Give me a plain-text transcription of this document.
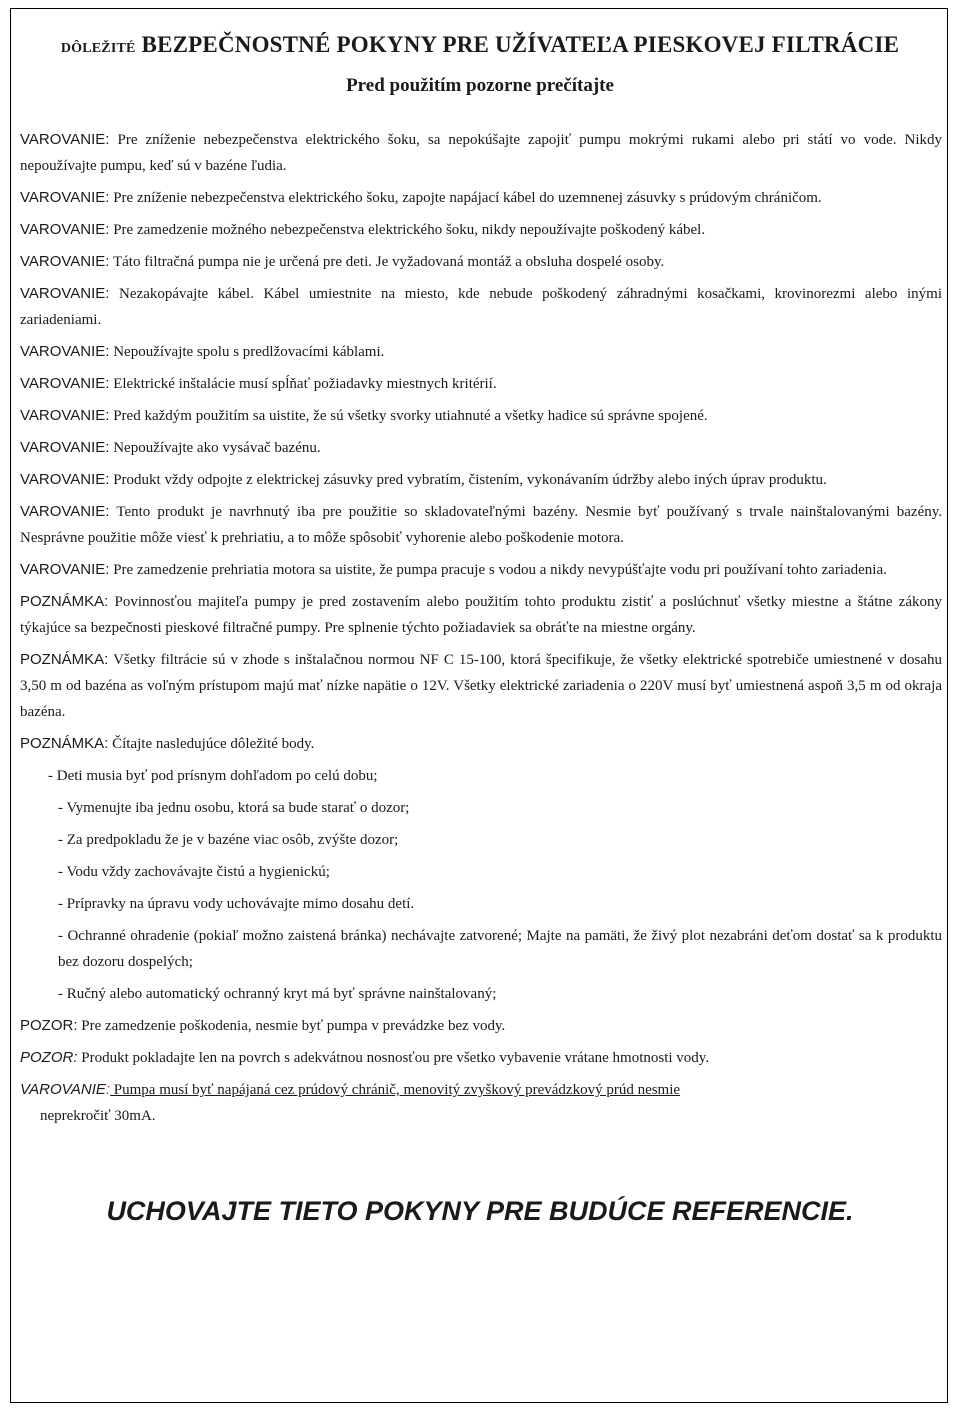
DÔLEŽITÉ BEZPEČNOSTNÉ POKYNY PRE UŽÍVATEĽA PIESKOVEJ FILTRÁCIE
Pred použitím pozorne prečítajte

VAROVANIE: Pre zníženie nebezpečenstva elektrického šoku, sa nepokúšajte zapojiť pumpu mokrými rukami alebo pri státí vo vode. Nikdy nepoužívajte pumpu, keď sú v bazéne ľudia.

VAROVANIE: Pre zníženie nebezpečenstva elektrického šoku, zapojte napájací kábel do uzemnenej zásuvky s prúdovým chráničom.

VAROVANIE: Pre zamedzenie možného nebezpečenstva elektrického šoku, nikdy nepoužívajte poškodený kábel.

VAROVANIE: Táto filtračná pumpa nie je určená pre deti. Je vyžadovaná montáž a obsluha dospelé osoby.

VAROVANIE: Nezakopávajte kábel. Kábel umiestnite na miesto, kde nebude poškodený záhradnými kosačkami, krovinorezmi alebo inými zariadeniami.

VAROVANIE: Nepoužívajte spolu s predlžovacími káblami.

VAROVANIE: Elektrické inštalácie musí spĺňať požiadavky miestnych kritérií.

VAROVANIE: Pred každým použitím sa uistite, že sú všetky svorky utiahnuté a všetky hadice sú správne spojené.

VAROVANIE: Nepoužívajte ako vysávač bazénu.

VAROVANIE: Produkt vždy odpojte z elektrickej zásuvky pred vybratím, čistením, vykonávaním údržby alebo iných úprav produktu.

VAROVANIE: Tento produkt je navrhnutý iba pre použitie so skladovateľnými bazény. Nesmie byť používaný s trvale nainštalovanými bazény. Nesprávne použitie môže viesť k prehriatiu, a to môže spôsobiť vyhorenie alebo poškodenie motora.

VAROVANIE: Pre zamedzenie prehriatia motora sa uistite, že pumpa pracuje s vodou a nikdy nevypúšťajte vodu pri používaní tohto zariadenia.

POZNÁMKA: Povinnosťou majiteľa pumpy je pred zostavením alebo použitím tohto produktu zistiť a poslúchnuť všetky miestne a štátne zákony týkajúce sa bezpečnosti pieskové filtračné pumpy. Pre splnenie týchto požiadaviek sa obráťte na miestne orgány.

POZNÁMKA: Všetky filtrácie sú v zhode s inštalačnou normou NF C 15-100, ktorá špecifikuje, že všetky elektrické spotrebiče umiestnené v dosahu 3,50 m od bazéna as voľným prístupom majú mať nízke napätie o 12V. Všetky elektrické zariadenia o 220V musí byť umiestnená aspoň 3,5 m od okraja bazéna.

POZNÁMKA: Čítajte nasledujúce dôležité body.

- Deti musia byť pod prísnym dohľadom po celú dobu;

- Vymenujte iba jednu osobu, ktorá sa bude starať o dozor;

- Za predpokladu že je v bazéne viac osôb, zvýšte dozor;

- Vodu vždy zachovávajte čistú a hygienickú;

- Prípravky na úpravu vody uchovávajte mimo dosahu detí.

- Ochranné ohradenie (pokiaľ možno zaistená bránka) nechávajte zatvorené; Majte na pamäti, že živý plot nezabráni deťom dostať sa k produktu bez dozoru dospelých;

- Ručný alebo automatický ochranný kryt má byť správne nainštalovaný;

POZOR: Pre zamedzenie poškodenia, nesmie byť pumpa v prevádzke bez vody.

POZOR: Produkt pokladajte len na povrch s adekvátnou nosnosťou pre všetko vybavenie vrátane hmotnosti vody.

VAROVANIE: Pumpa musí byť napájaná cez prúdový chránič, menovitý zvyškový prevádzkový prúd nesmie

neprekročiť 30mA.

UCHOVAJTE TIETO POKYNY PRE BUDÚCE REFERENCIE.
